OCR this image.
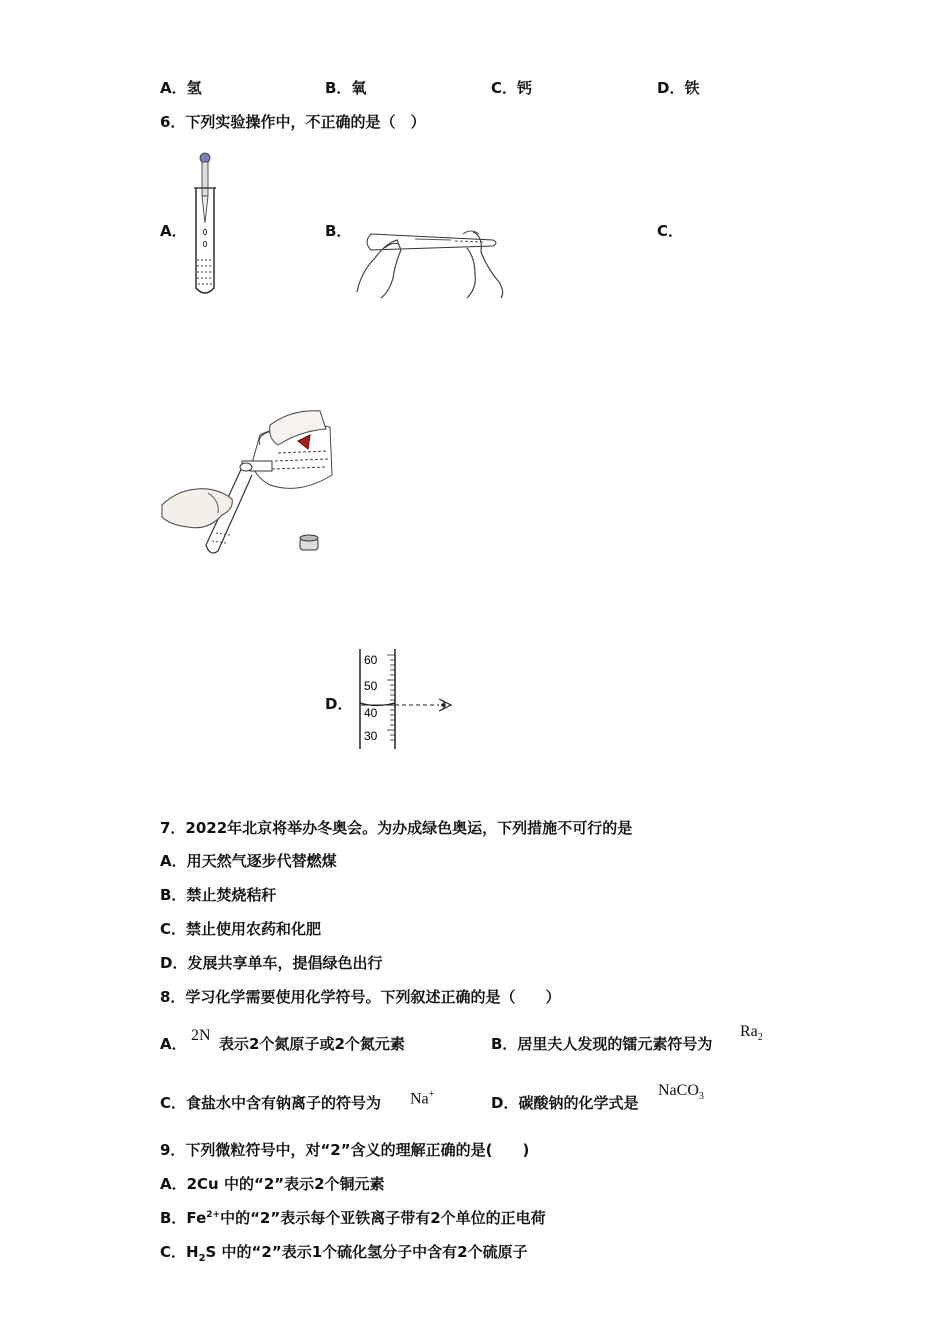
A．氢	B．氧	C．钙	D．铁
6．下列实验操作中，不正确的是（　）
A．	B．	C．
D．
60
50
40
30
7．2022年北京将举办冬奥会。为办成绿色奥运，下列措施不可行的是
A．用天然气逐步代替燃煤
B．禁止焚烧秸秆
C．禁止使用农药和化肥
D．发展共享单车，提倡绿色出行
8．学习化学需要使用化学符号。下列叙述正确的是（　　）
A． 2N 表示2个氮原子或2个氮元素	B．居里夫人发现的镭元素符号为
$Ra_2$
C．食盐水中含有钠离子的符号为 Na+	D．碳酸钠的化学式是
NaCO$_3$
9．下列微粒符号中，对“2”含义的理解正确的是(　　)
A．2Cu 中的“2”表示2个铜元素
B．$Fe^{2+}$中的“2”表示每个亚铁离子带有2个单位的正电荷
C．$H_2S$ 中的“2”表示1个硫化氢分子中含有2个硫原子
